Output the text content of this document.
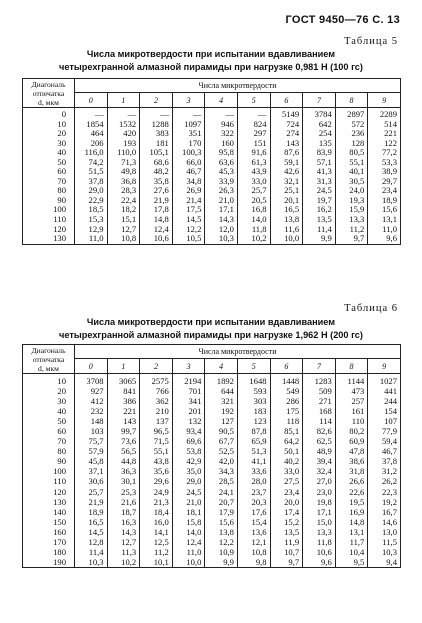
ГОСТ 9450—76 С. 13
Таблица 5
Числа микротвердости при испытании вдавливанием
четырехгранной алмазной пирамиды при нагрузке 0,981 Н (100 гс)
Диагональ
отпечатка
d, мкм	Числа микротвердости									
	0	1	2	3	4	5	6	7	8	9
0	—	—	—	—	—	—	5149	3784	2897	2289
10	1854	1532	1288	1097	946	824	724	642	572	514
20	464	420	383	351	322	297	274	254	236	221
30	206	193	181	170	160	151	143	135	128	122
40	116,0	110,0	105,1	100,3	95,8	91,6	87,6	83,9	80,5	77,2
50	74,2	71,3	68,6	66,0	63,6	61,3	59,1	57,1	55,1	53,3
60	51,5	49,8	48,2	46,7	45,3	43,9	42,6	41,3	40,1	38,9
70	37,8	36,8	35,8	34,8	33,9	33,0	32,1	31,3	30,5	29,7
80	29,0	28,3	27,6	26,9	26,3	25,7	25,1	24,5	24,0	23,4
90	22,9	22,4	21,9	21,4	21,0	20,5	20,1	19,7	19,3	18,9
100	18,5	18,2	17,8	17,5	17,1	16,8	16,5	16,2	15,9	15,6
110	15,3	15,1	14,8	14,5	14,3	14,0	13,8	13,5	13,3	13,1
120	12,9	12,7	12,4	12,2	12,0	11,8	11,6	11,4	11,2	11,0
130	11,0	10,8	10,6	10,5	10,3	10,2	10,0	9,9	9,7	9,6
Таблица 6
Числа микротвердости при испытании вдавливанием
четырехгранной алмазной пирамиды при нагрузке 1,962 Н (200 гс)
Диагональ
отпечатка
d, мкм	Числа микротвердости									
	0	1	2	3	4	5	6	7	8	9
10	3708	3065	2575	2194	1892	1648	1448	1283	1144	1027
20	927	841	766	701	644	593	549	509	473	441
30	412	386	362	341	321	303	286	271	257	244
40	232	221	210	201	192	183	175	168	161	154
50	148	143	137	132	127	123	118	114	110	107
60	103	99,7	96,5	93,4	90,5	87,8	85,1	82,6	80,2	77,9
70	75,7	73,6	71,5	69,6	67,7	65,9	64,2	62,5	60,9	59,4
80	57,9	56,5	55,1	53,8	52,5	51,3	50,1	48,9	47,8	46,7
90	45,8	44,8	43,8	42,9	42,0	41,1	40,2	39,4	38,6	37,8
100	37,1	36,3	35,6	35,0	34,3	33,6	33,0	32,4	31,8	31,2
110	30,6	30,1	29,6	29,0	28,5	28,0	27,5	27,0	26,6	26,2
120	25,7	25,3	24,9	24,5	24,1	23,7	23,4	23,0	22,6	22,3
130	21,9	21,6	21,3	21,0	20,7	20,3	20,0	19,8	19,5	19,2
140	18,9	18,7	18,4	18,1	17,9	17,6	17,4	17,1	16,9	16,7
150	16,5	16,3	16,0	15,8	15,6	15,4	15,2	15,0	14,8	14,6
160	14,5	14,3	14,1	14,0	13,8	13,6	13,5	13,3	13,1	13,0
170	12,8	12,7	12,5	12,4	12,2	12,1	11,9	11,8	11,7	11,5
180	11,4	11,3	11,2	11,0	10,9	10,8	10,7	10,6	10,4	10,3
190	10,3	10,2	10,1	10,0	9,9	9,8	9,7	9,6	9,5	9,4
